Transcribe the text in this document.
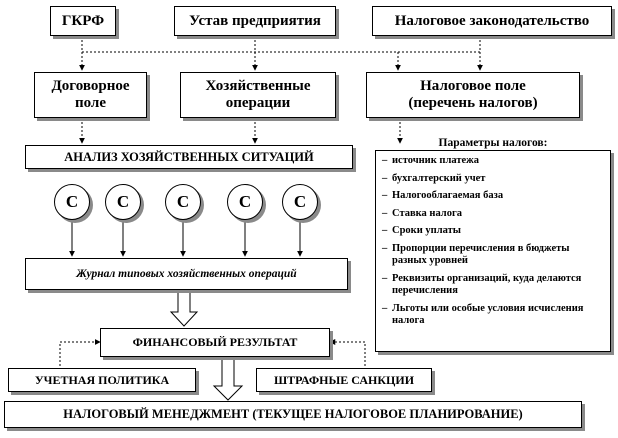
ГКРФ	Устав предприятия	Налоговое законодательство
Договорное
поле
Хозяйственные
операции
Налоговое поле
(перечень налогов)
АНАЛИЗ ХОЗЯЙСТВЕННЫХ СИТУАЦИЙ
С	С	С	С	С
Журнал типовых хозяйственных операций
ФИНАНСОВЫЙ РЕЗУЛЬТАТ
УЧЕТНАЯ ПОЛИТИКА	ШТРАФНЫЕ САНКЦИИ
НАЛОГОВЫЙ МЕНЕДЖМЕНТ (ТЕКУЩЕЕ НАЛОГОВОЕ ПЛАНИРОВАНИЕ)
Параметры налогов:
– источник платежа
– бухгалтерский учет
– Налогооблагаемая база
– Ставка налога
– Сроки уплаты
– Пропорции перечисления в бюджеты разных уровней
– Реквизиты организаций, куда делаются перечисления
– Льготы или особые условия исчисления налога
